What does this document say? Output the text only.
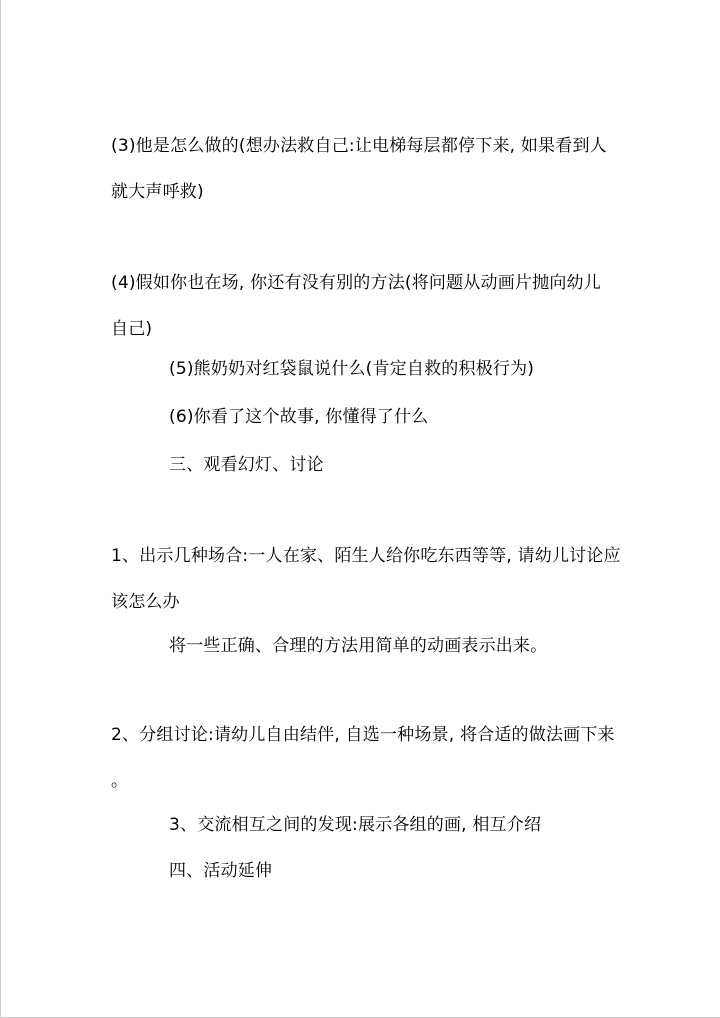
(3)他是怎么做的(想办法救自己:让电梯每层都停下来, 如果看到人
就大声呼救)
(4)假如你也在场, 你还有没有别的方法(将问题从动画片抛向幼儿
自己)
(5)熊奶奶对红袋鼠说什么(肯定自救的积极行为)
(6)你看了这个故事, 你懂得了什么
三、观看幻灯、讨论
1、出示几种场合:一人在家、陌生人给你吃东西等等, 请幼儿讨论应
该怎么办
将一些正确、合理的方法用简单的动画表示出来。
2、分组讨论:请幼儿自由结伴, 自选一种场景, 将合适的做法画下来
。
3、交流相互之间的发现:展示各组的画, 相互介绍
四、活动延伸
